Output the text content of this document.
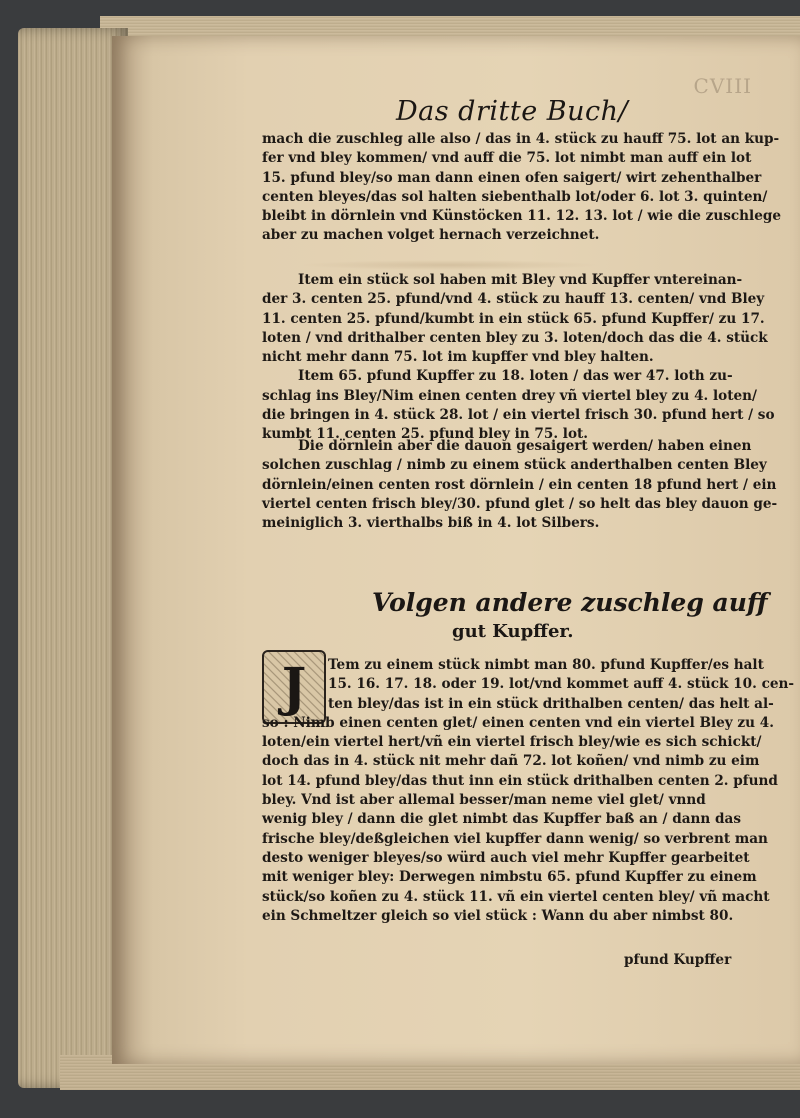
CVIII
Das dritte Buch/
mach die zuschleg alle also / das in 4. stück zu hauff 75. lot an kup-
fer vnd bley kommen/ vnd auff die 75. lot nimbt man auff ein lot
15. pfund bley/so man dann einen ofen saigert/ wirt zehenthalber
centen bleyes/das sol halten siebenthalb lot/oder 6. lot 3. quinten/
bleibt in dörnlein vnd Künstöcken 11. 12. 13. lot / wie die zuschlege
aber zu machen volget hernach verzeichnet.
Item ein stück sol haben mit Bley vnd Kupffer vntereinan-
der 3. centen 25. pfund/vnd 4. stück zu hauff 13. centen/ vnd Bley
11. centen 25. pfund/kumbt in ein stück 65. pfund Kupffer/ zu 17.
loten / vnd drithalber centen bley zu 3. loten/doch das die 4. stück
nicht mehr dann 75. lot im kupffer vnd bley halten.
Item 65. pfund Kupffer zu 18. loten / das wer 47. loth zu-
schlag ins Bley/Nim einen centen drey vñ viertel bley zu 4. loten/
die bringen in 4. stück 28. lot / ein viertel frisch 30. pfund hert / so
kumbt 11. centen 25. pfund bley in 75. lot.
Die dörnlein aber die dauon gesaigert werden/ haben einen
solchen zuschlag / nimb zu einem stück anderthalben centen Bley
dörnlein/einen centen rost dörnlein / ein centen 18 pfund hert / ein
viertel centen frisch bley/30. pfund glet / so helt das bley dauon ge-
meiniglich 3. vierthalbs biß in 4. lot Silbers.
Volgen andere zuschleg auff
gut Kupffer.
J	Tem zu einem stück nimbt man 80. pfund Kupffer/es halt
15. 16. 17. 18. oder 19. lot/vnd kommet auff 4. stück 10. cen-
ten bley/das ist in ein stück drithalben centen/ das helt al-
so : Nimb einen centen glet/ einen centen vnd ein viertel Bley zu 4.
loten/ein viertel hert/vñ ein viertel frisch bley/wie es sich schickt/
doch das in 4. stück nit mehr dañ 72. lot koñen/ vnd nimb zu eim
lot 14. pfund bley/das thut inn ein stück drithalben centen 2. pfund
bley. Vnd ist aber allemal besser/man neme viel glet/ vnnd
wenig bley / dann die glet nimbt das Kupffer baß an / dann das
frische bley/deßgleichen viel kupffer dann wenig/ so verbrent man
desto weniger bleyes/so würd auch viel mehr Kupffer gearbeitet
mit weniger bley: Derwegen nimbstu 65. pfund Kupffer zu einem
stück/so koñen zu 4. stück 11. vñ ein viertel centen bley/ vñ macht
ein Schmeltzer gleich so viel stück : Wann du aber nimbst 80.
pfund Kupffer
